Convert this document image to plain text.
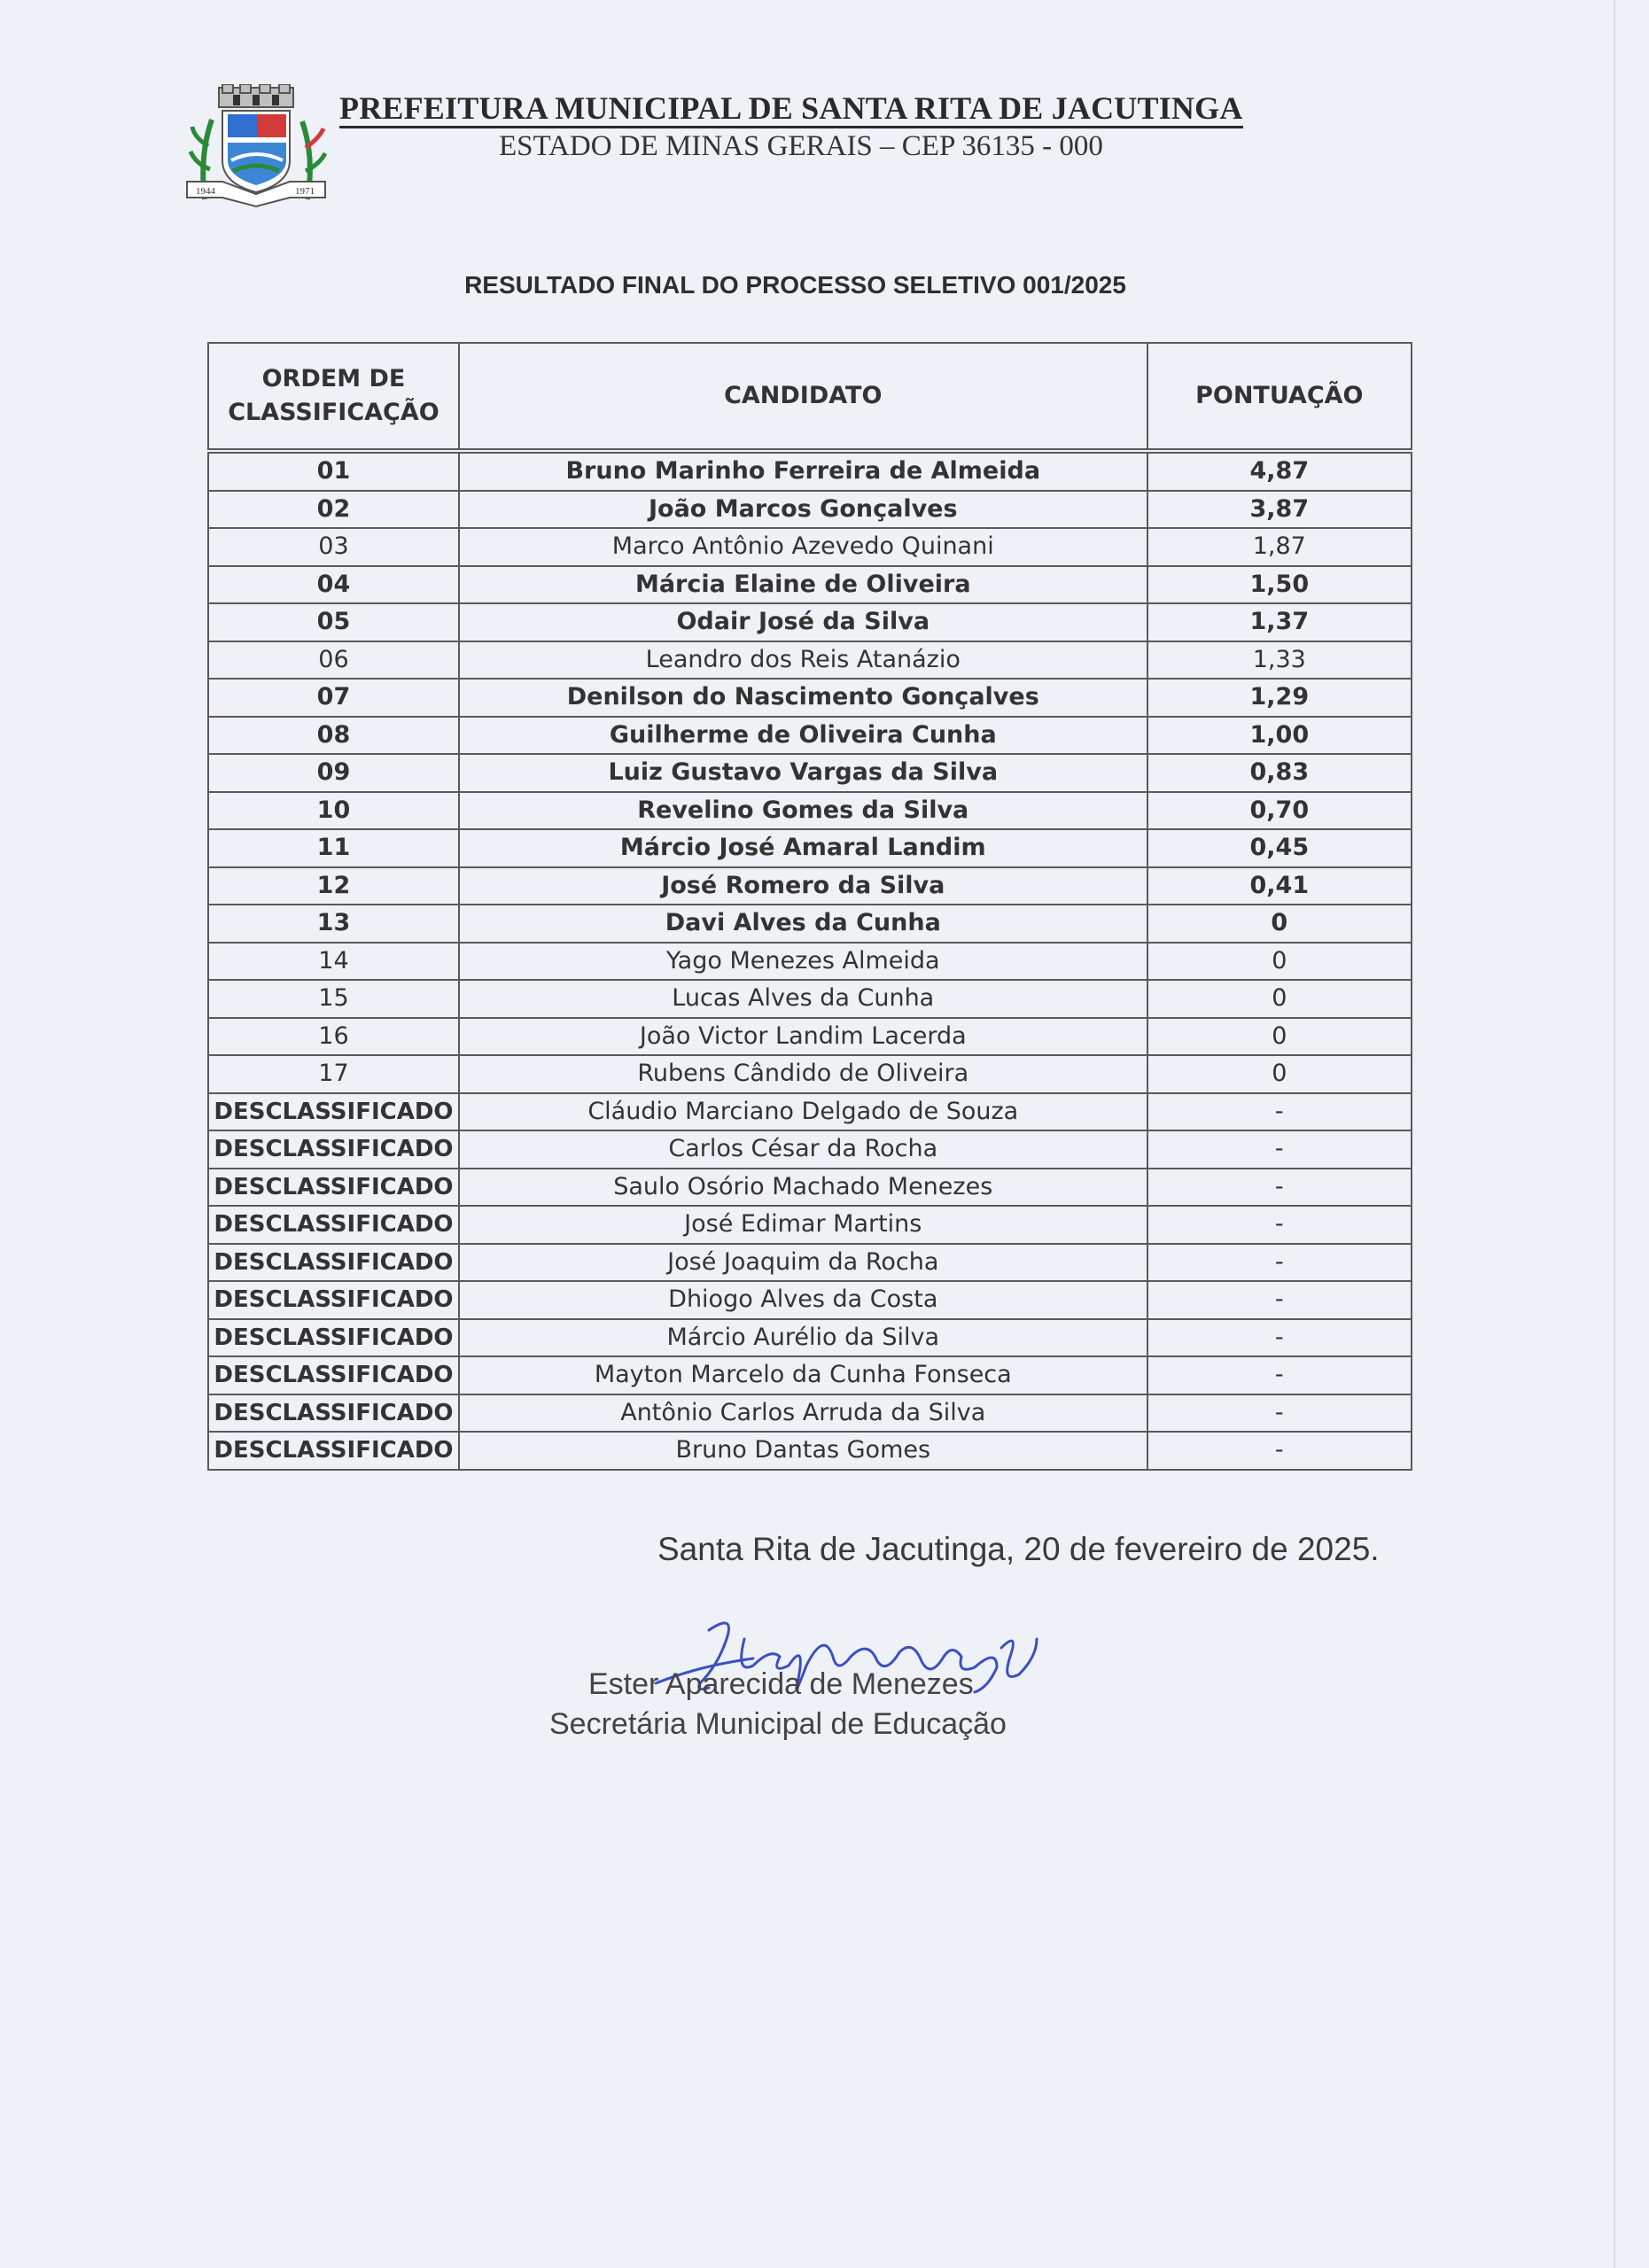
1944	1971
PREFEITURA MUNICIPAL DE SANTA RITA DE JACUTINGA
ESTADO DE MINAS GERAIS – CEP 36135 - 000
RESULTADO FINAL DO PROCESSO SELETIVO 001/2025
ORDEM DE
CLASSIFICAÇÃO	CANDIDATO	PONTUAÇÃO
01	Bruno Marinho Ferreira de Almeida	4,87
02	João Marcos Gonçalves	3,87
03	Marco Antônio Azevedo Quinani	1,87
04	Márcia Elaine de Oliveira	1,50
05	Odair José da Silva	1,37
06	Leandro dos Reis Atanázio	1,33
07	Denilson do Nascimento Gonçalves	1,29
08	Guilherme de Oliveira Cunha	1,00
09	Luiz Gustavo Vargas da Silva	0,83
10	Revelino Gomes da Silva	0,70
11	Márcio José Amaral Landim	0,45
12	José Romero da Silva	0,41
13	Davi Alves da Cunha	0
14	Yago Menezes Almeida	0
15	Lucas Alves da Cunha	0
16	João Victor Landim Lacerda	0
17	Rubens Cândido de Oliveira	0
DESCLASSIFICADO	Cláudio Marciano Delgado de Souza	-
DESCLASSIFICADO	Carlos César da Rocha	-
DESCLASSIFICADO	Saulo Osório Machado Menezes	-
DESCLASSIFICADO	José Edimar Martins	-
DESCLASSIFICADO	José Joaquim da Rocha	-
DESCLASSIFICADO	Dhiogo Alves da Costa	-
DESCLASSIFICADO	Márcio Aurélio da Silva	-
DESCLASSIFICADO	Mayton Marcelo da Cunha Fonseca	-
DESCLASSIFICADO	Antônio Carlos Arruda da Silva	-
DESCLASSIFICADO	Bruno Dantas Gomes	-
Santa Rita de Jacutinga, 20 de fevereiro de 2025.
Ester Aparecida de Menezes
Secretária Municipal de Educação
